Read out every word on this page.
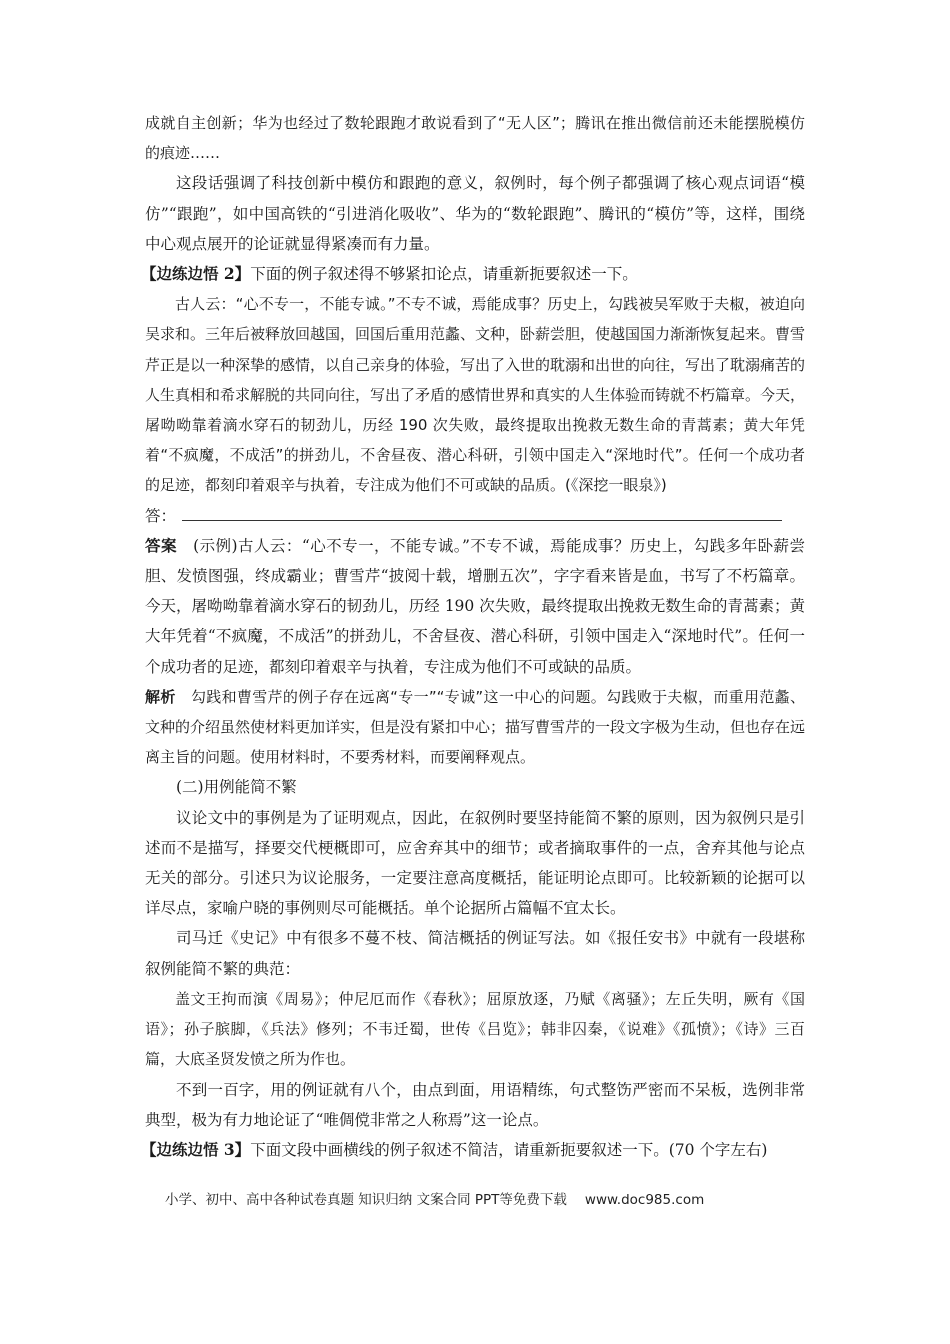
成就自主创新；华为也经过了数轮跟跑才敢说看到了“无人区”；腾讯在推出微信前还未能摆脱模仿的痕迹……

这段话强调了科技创新中模仿和跟跑的意义，叙例时，每个例子都强调了核心观点词语“模仿”“跟跑”，如中国高铁的“引进消化吸收”、华为的“数轮跟跑”、腾讯的“模仿”等，这样，围绕中心观点展开的论证就显得紧凑而有力量。

【边练边悟 2】下面的例子叙述得不够紧扣论点，请重新扼要叙述一下。

古人云：“心不专一，不能专诚。”不专不诚，焉能成事？历史上，勾践被吴军败于夫椒，被迫向吴求和。三年后被释放回越国，回国后重用范蠡、文种，卧薪尝胆，使越国国力渐渐恢复起来。曹雪芹正是以一种深挚的感情，以自己亲身的体验，写出了入世的耽溺和出世的向往，写出了耽溺痛苦的人生真相和希求解脱的共同向往，写出了矛盾的感情世界和真实的人生体验而铸就不朽篇章。今天，屠呦呦靠着滴水穿石的韧劲儿，历经 190 次失败，最终提取出挽救无数生命的青蒿素；黄大年凭着“不疯魔，不成活”的拼劲儿，不舍昼夜、潜心科研，引领中国走入“深地时代”。任何一个成功者的足迹，都刻印着艰辛与执着，专注成为他们不可或缺的品质。(《深挖一眼泉》)

答：

答案 (示例)古人云：“心不专一，不能专诚。”不专不诚，焉能成事？历史上，勾践多年卧薪尝胆、发愤图强，终成霸业；曹雪芹“披阅十载，增删五次”，字字看来皆是血，书写了不朽篇章。今天，屠呦呦靠着滴水穿石的韧劲儿，历经 190 次失败，最终提取出挽救无数生命的青蒿素；黄大年凭着“不疯魔，不成活”的拼劲儿，不舍昼夜、潜心科研，引领中国走入“深地时代”。任何一个成功者的足迹，都刻印着艰辛与执着，专注成为他们不可或缺的品质。

解析 勾践和曹雪芹的例子存在远离“专一”“专诚”这一中心的问题。勾践败于夫椒，而重用范蠡、文种的介绍虽然使材料更加详实，但是没有紧扣中心；描写曹雪芹的一段文字极为生动，但也存在远离主旨的问题。使用材料时，不要秀材料，而要阐释观点。

(二)用例能简不繁

议论文中的事例是为了证明观点，因此，在叙例时要坚持能简不繁的原则，因为叙例只是引述而不是描写，择要交代梗概即可，应舍弃其中的细节；或者摘取事件的一点，舍弃其他与论点无关的部分。引述只为议论服务，一定要注意高度概括，能证明论点即可。比较新颖的论据可以详尽点，家喻户晓的事例则尽可能概括。单个论据所占篇幅不宜太长。

司马迁《史记》中有很多不蔓不枝、简洁概括的例证写法。如《报任安书》中就有一段堪称叙例能简不繁的典范：

盖文王拘而演《周易》；仲尼厄而作《春秋》；屈原放逐，乃赋《离骚》；左丘失明，厥有《国语》；孙子膑脚，《兵法》修列；不韦迁蜀，世传《吕览》；韩非囚秦，《说难》《孤愤》；《诗》三百篇，大底圣贤发愤之所为作也。

不到一百字，用的例证就有八个，由点到面，用语精练，句式整饬严密而不呆板，选例非常典型，极为有力地论证了“唯倜傥非常之人称焉”这一论点。

【边练边悟 3】下面文段中画横线的例子叙述不简洁，请重新扼要叙述一下。(70 个字左右)

小学、初中、高中各种试卷真题 知识归纳 文案合同 PPT等免费下载 www.doc985.com
